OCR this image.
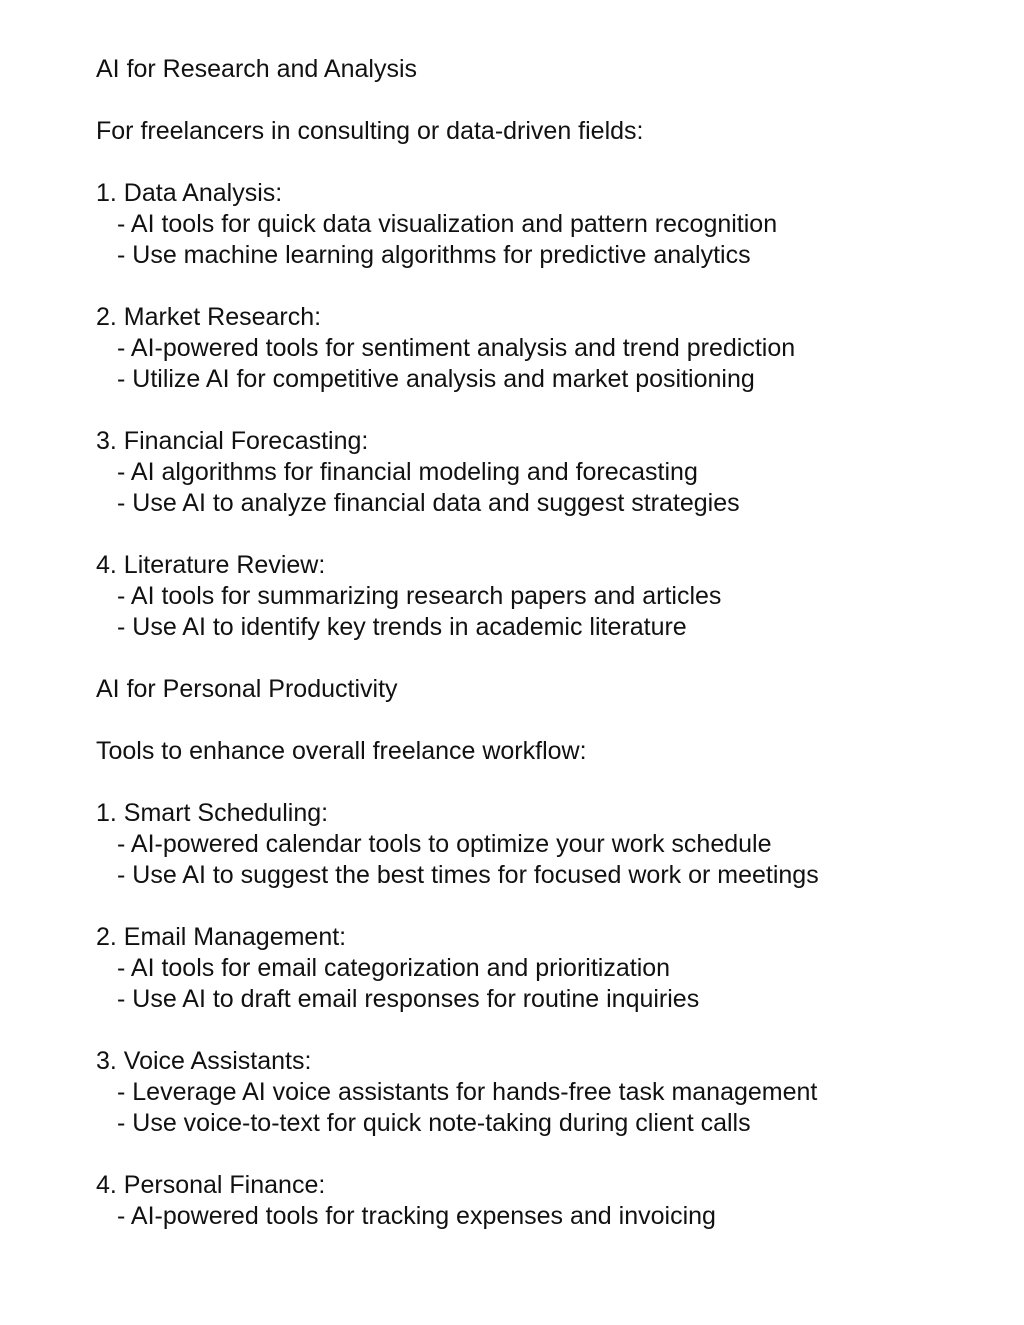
AI for Research and Analysis
For freelancers in consulting or data-driven fields:
1. Data Analysis:
- AI tools for quick data visualization and pattern recognition
- Use machine learning algorithms for predictive analytics
2. Market Research:
- AI-powered tools for sentiment analysis and trend prediction
- Utilize AI for competitive analysis and market positioning
3. Financial Forecasting:
- AI algorithms for financial modeling and forecasting
- Use AI to analyze financial data and suggest strategies
4. Literature Review:
- AI tools for summarizing research papers and articles
- Use AI to identify key trends in academic literature
AI for Personal Productivity
Tools to enhance overall freelance workflow:
1. Smart Scheduling:
- AI-powered calendar tools to optimize your work schedule
- Use AI to suggest the best times for focused work or meetings
2. Email Management:
- AI tools for email categorization and prioritization
- Use AI to draft email responses for routine inquiries
3. Voice Assistants:
- Leverage AI voice assistants for hands-free task management
- Use voice-to-text for quick note-taking during client calls
4. Personal Finance:
- AI-powered tools for tracking expenses and invoicing
